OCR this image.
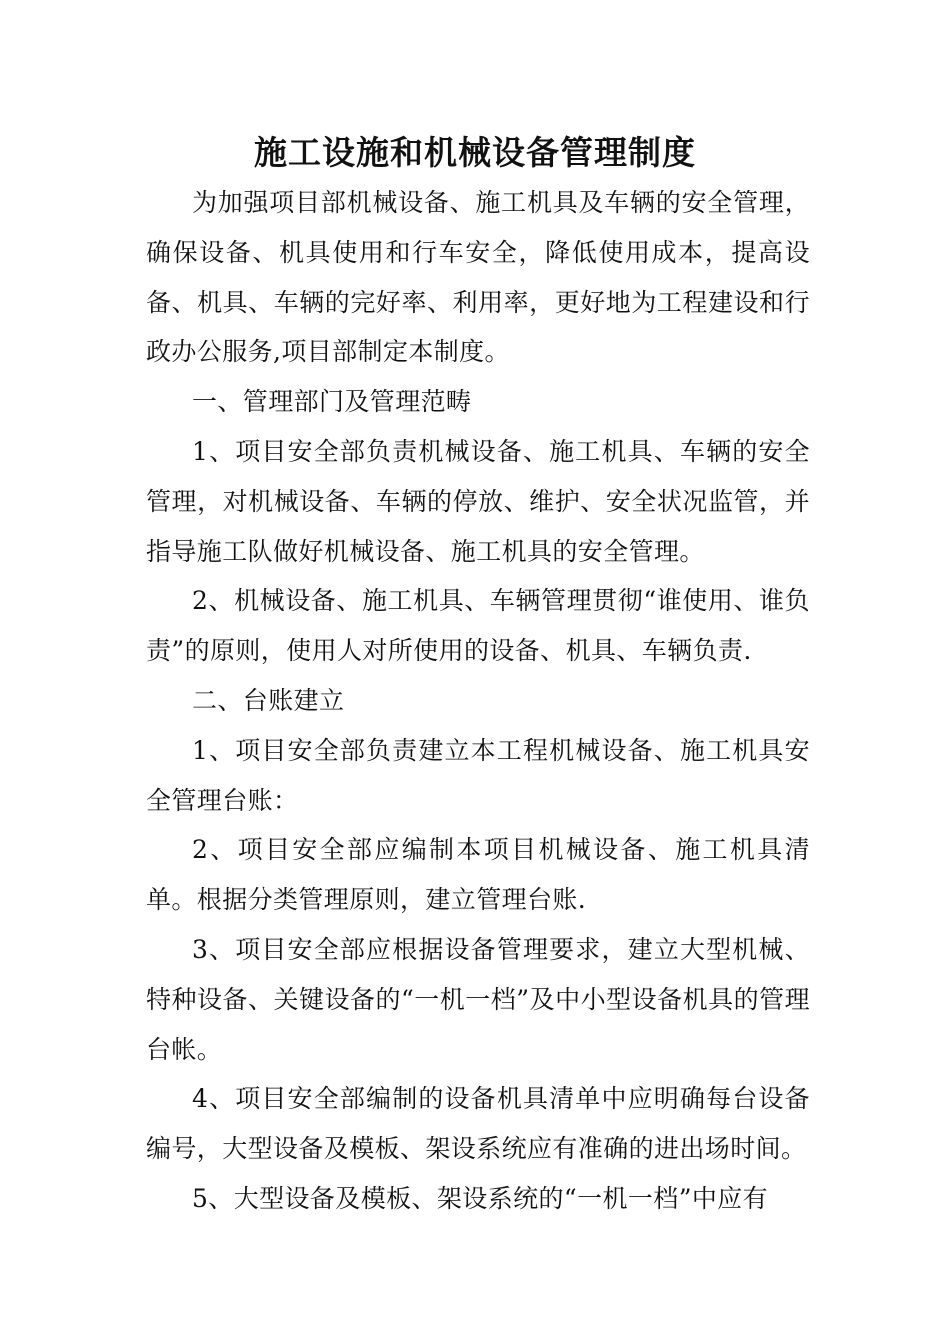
施工设施和机械设备管理制度

为加强项目部机械设备、施工机具及车辆的安全管理，确保设备、机具使用和行车安全，降低使用成本，提高设备、机具、车辆的完好率、利用率，更好地为工程建设和行政办公服务,项目部制定本制度。

一、管理部门及管理范畴

1、项目安全部负责机械设备、施工机具、车辆的安全管理，对机械设备、车辆的停放、维护、安全状况监管，并指导施工队做好机械设备、施工机具的安全管理。

2、机械设备、施工机具、车辆管理贯彻“谁使用、谁负责”的原则，使用人对所使用的设备、机具、车辆负责.

二、台账建立

1、项目安全部负责建立本工程机械设备、施工机具安全管理台账：

2、项目安全部应编制本项目机械设备、施工机具清单。根据分类管理原则，建立管理台账.

3、项目安全部应根据设备管理要求，建立大型机械、特种设备、关键设备的“一机一档”及中小型设备机具的管理台帐。

4、项目安全部编制的设备机具清单中应明确每台设备编号，大型设备及模板、架设系统应有准确的进出场时间。

5、大型设备及模板、架设系统的“一机一档”中应有
